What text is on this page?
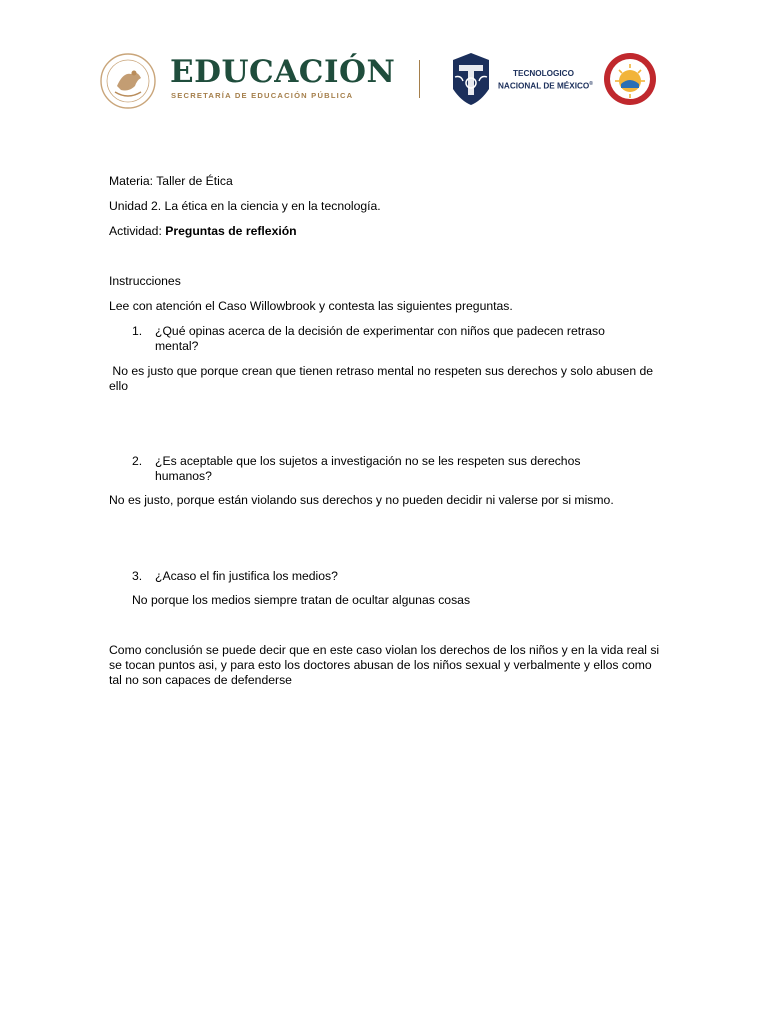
EDUCACIÓN
SECRETARÍA DE EDUCACIÓN PÚBLICA
TECNOLOGICO
NACIONAL DE MÉXICO®
Materia: Taller de Ética
Unidad 2. La ética en la ciencia y en la tecnología.
Actividad: Preguntas de reflexión
Instrucciones
Lee con atención el Caso Willowbrook y contesta las siguientes preguntas.
1. ¿Qué opinas acerca de la decisión de experimentar con niños que padecen retraso mental?
No es justo que porque crean que tienen retraso mental no respeten sus derechos y solo abusen de ello
2. ¿Es aceptable que los sujetos a investigación no se les respeten sus derechos humanos?
No es justo, porque están violando sus derechos y no pueden decidir ni valerse por si mismo.
3. ¿Acaso el fin justifica los medios?
No porque los medios siempre tratan de ocultar algunas cosas
Como conclusión se puede decir que en este caso violan los derechos de los niños y en la vida real si se tocan puntos asi, y para esto los doctores abusan de los niños sexual y verbalmente y ellos como tal no son capaces de defenderse
